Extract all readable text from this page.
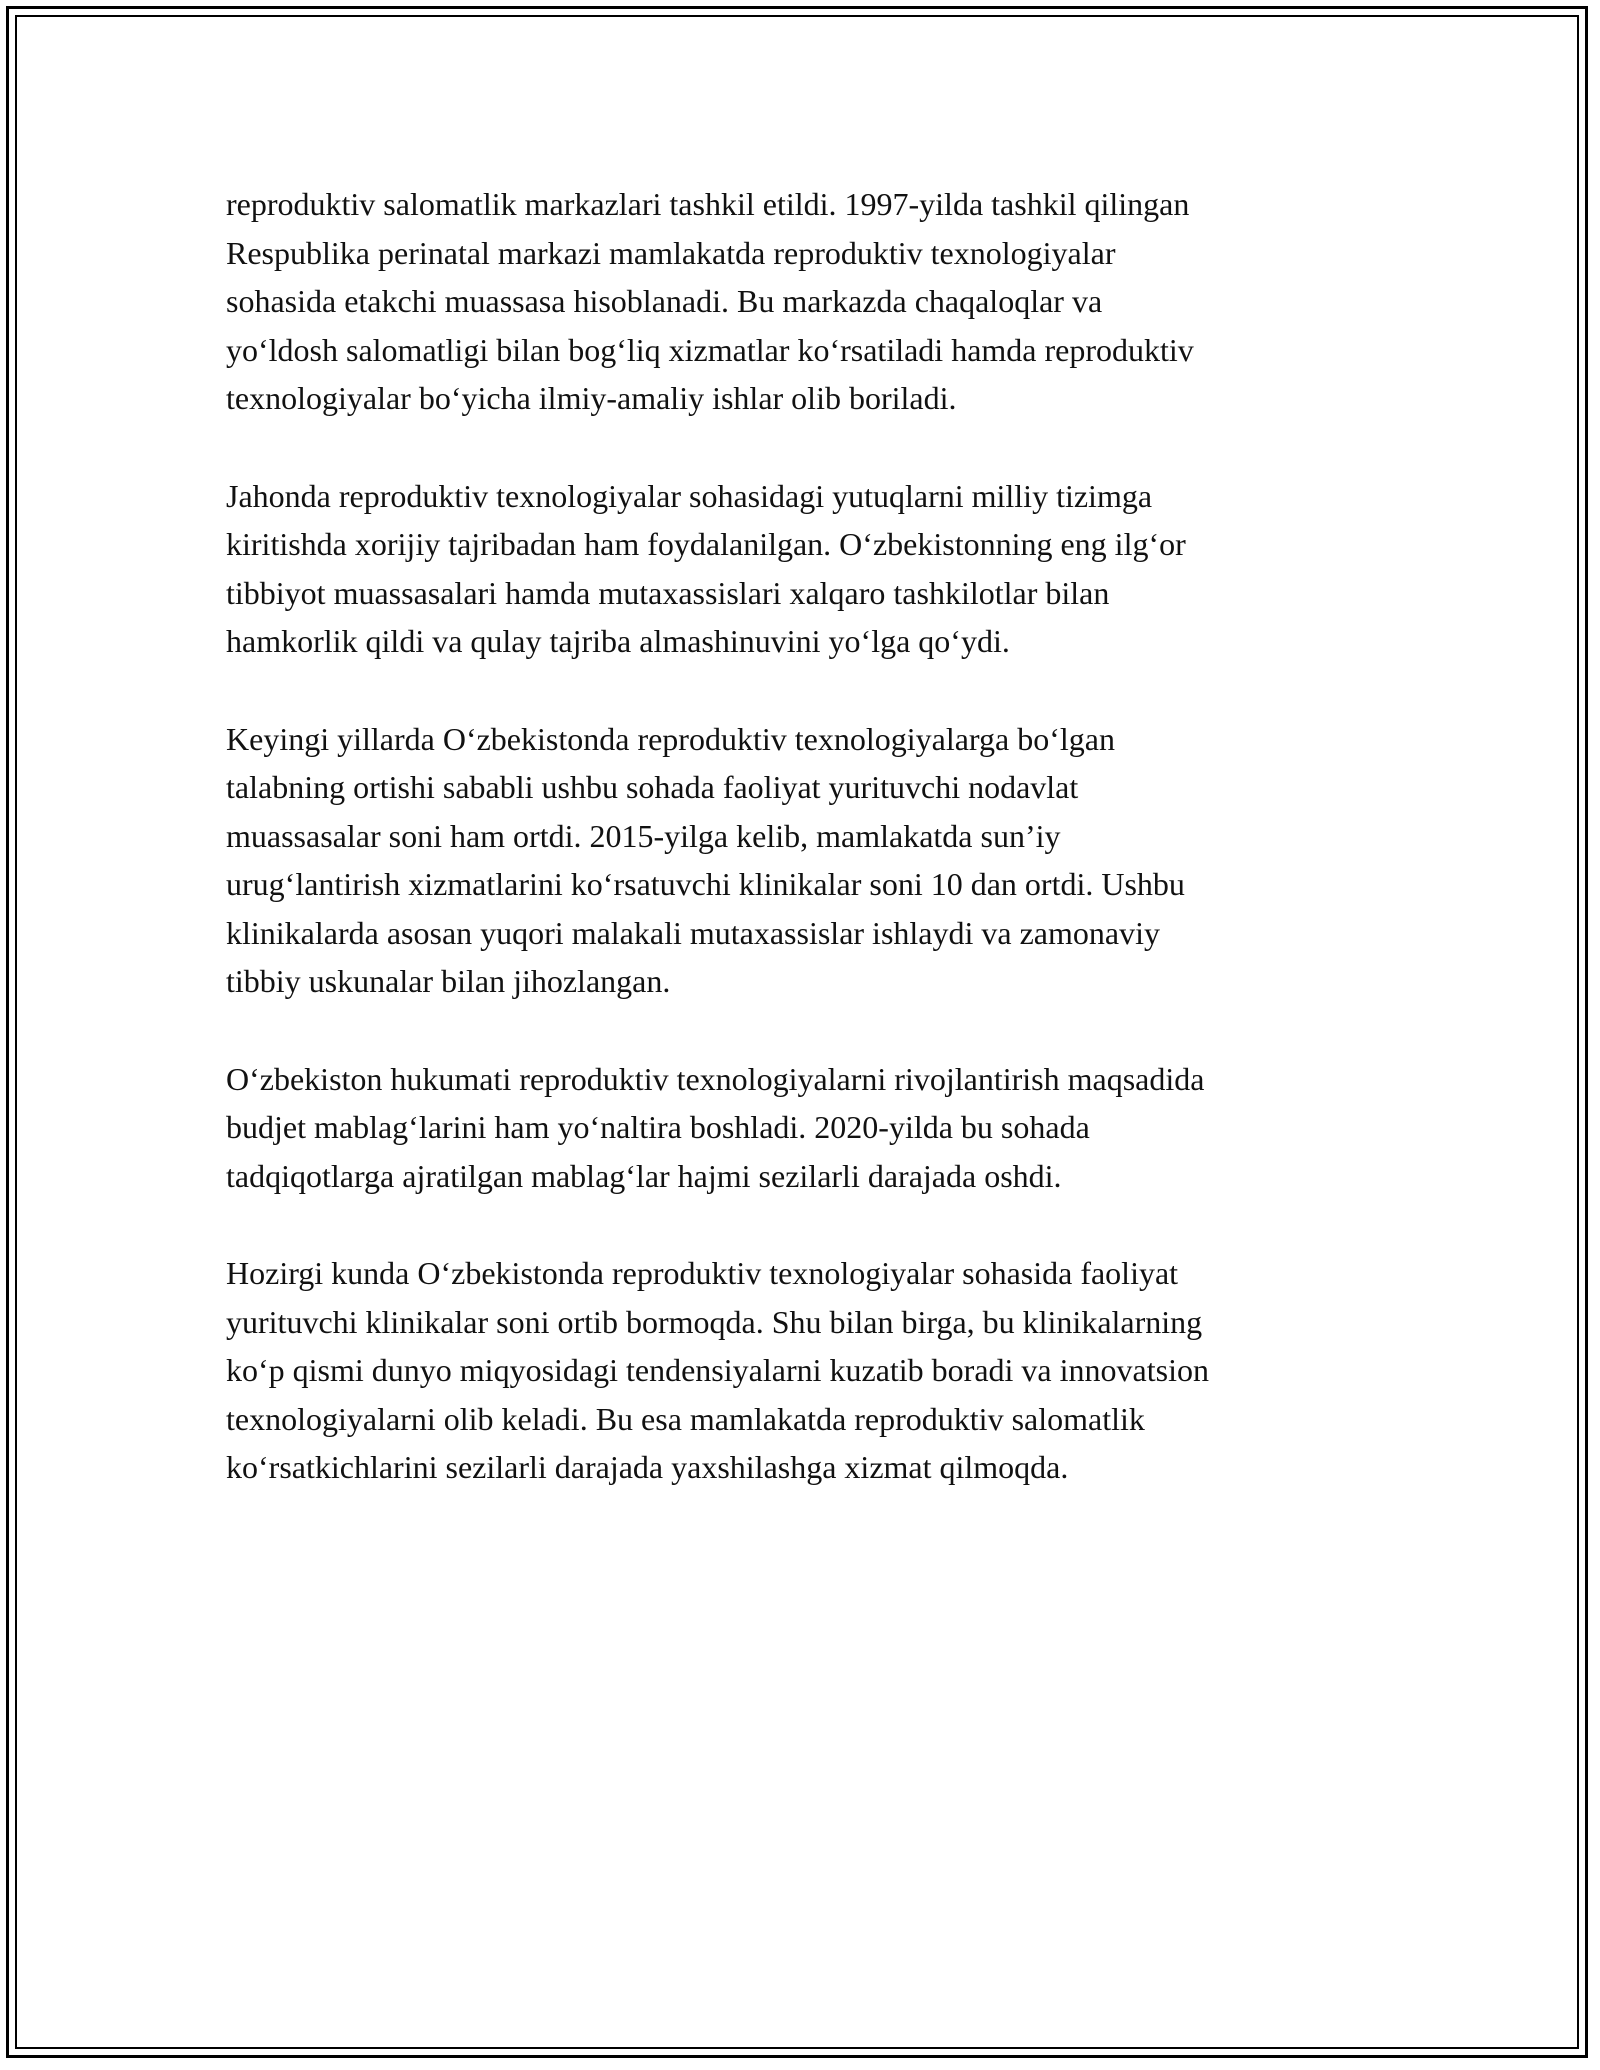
reproduktiv salomatlik markazlari tashkil etildi. 1997-yilda tashkil qilingan
Respublika perinatal markazi mamlakatda reproduktiv texnologiyalar
sohasida etakchi muassasa hisoblanadi. Bu markazda chaqaloqlar va
yo‘ldosh salomatligi bilan bog‘liq xizmatlar ko‘rsatiladi hamda reproduktiv
texnologiyalar bo‘yicha ilmiy-amaliy ishlar olib boriladi.

Jahonda reproduktiv texnologiyalar sohasidagi yutuqlarni milliy tizimga
kiritishda xorijiy tajribadan ham foydalanilgan. O‘zbekistonning eng ilg‘or
tibbiyot muassasalari hamda mutaxassislari xalqaro tashkilotlar bilan
hamkorlik qildi va qulay tajriba almashinuvini yo‘lga qo‘ydi.

Keyingi yillarda O‘zbekistonda reproduktiv texnologiyalarga bo‘lgan
talabning ortishi sababli ushbu sohada faoliyat yurituvchi nodavlat
muassasalar soni ham ortdi. 2015-yilga kelib, mamlakatda sun’iy
urug‘lantirish xizmatlarini ko‘rsatuvchi klinikalar soni 10 dan ortdi. Ushbu
klinikalarda asosan yuqori malakali mutaxassislar ishlaydi va zamonaviy
tibbiy uskunalar bilan jihozlangan.

O‘zbekiston hukumati reproduktiv texnologiyalarni rivojlantirish maqsadida
budjet mablag‘larini ham yo‘naltira boshladi. 2020-yilda bu sohada
tadqiqotlarga ajratilgan mablag‘lar hajmi sezilarli darajada oshdi.

Hozirgi kunda O‘zbekistonda reproduktiv texnologiyalar sohasida faoliyat
yurituvchi klinikalar soni ortib bormoqda. Shu bilan birga, bu klinikalarning
ko‘p qismi dunyo miqyosidagi tendensiyalarni kuzatib boradi va innovatsion
texnologiyalarni olib keladi. Bu esa mamlakatda reproduktiv salomatlik
ko‘rsatkichlarini sezilarli darajada yaxshilashga xizmat qilmoqda.
